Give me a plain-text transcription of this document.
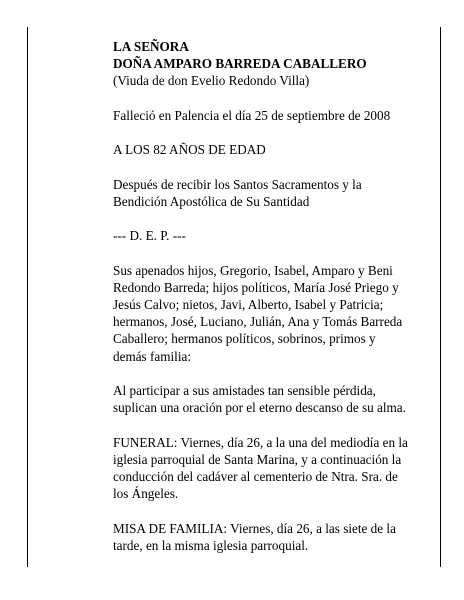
LA SEÑORA

DOÑA AMPARO BARREDA CABALLERO

(Viuda de don Evelio Redondo Villa)

Falleció en Palencia el día 25 de septiembre de 2008

A LOS 82 AÑOS DE EDAD

Después de recibir los Santos Sacramentos y la

Bendición Apostólica de Su Santidad

--- D. E. P. ---

Sus apenados hijos, Gregorio, Isabel, Amparo y Beni

Redondo Barreda; hijos políticos, María José Priego y

Jesús Calvo; nietos, Javi, Alberto, Isabel y Patricia;

hermanos, José, Luciano, Julián, Ana y Tomás Barreda

Caballero; hermanos políticos, sobrinos, primos y

demás familia:

Al participar a sus amistades tan sensible pérdida,

suplican una oración por el eterno descanso de su alma.

FUNERAL: Viernes, día 26, a la una del mediodía en la

iglesia parroquial de Santa Marina, y a continuación la

conducción del cadáver al cementerio de Ntra. Sra. de

los Ángeles.

MISA DE FAMILIA: Viernes, día 26, a las siete de la

tarde, en la misma iglesia parroquial.
